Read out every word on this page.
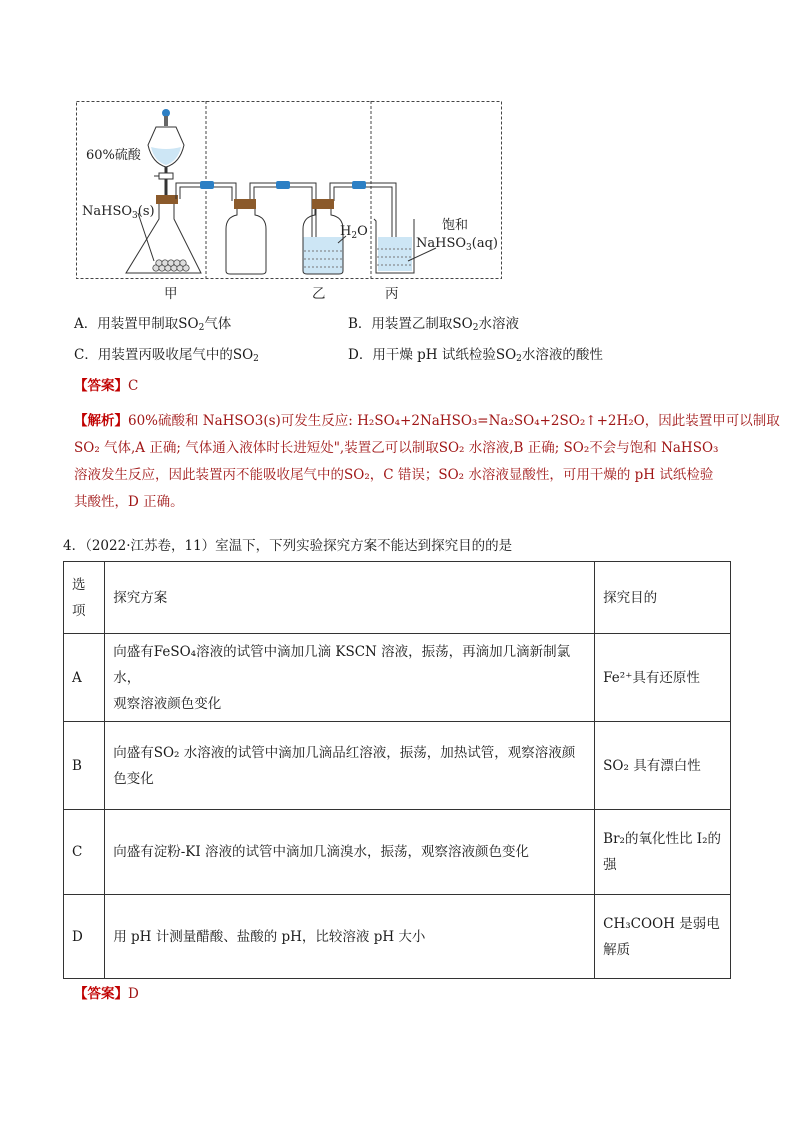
60%硫酸
NaHSO$_3$(s)
$H_2O$	饱和
NaHSO$_3$(aq)
甲	乙	丙
A．用装置甲制取$SO_2$气体	B．用装置乙制取$SO_2$水溶液
C．用装置丙吸收尾气中的$SO_2$	D．用干燥 pH 试纸检验$SO_2$水溶液的酸性
【答案】C

【解析】60%硫酸和 NaHSO3(s)可发生反应: H₂SO₄+2NaHSO₃=Na₂SO₄+2SO₂↑+2H₂O，因此装置甲可以制取

SO₂ 气体,A 正确; 气体通入液体时长进短处",装置乙可以制取SO₂ 水溶液,B 正确; SO₂不会与饱和 NaHSO₃

溶液发生反应，因此装置丙不能吸收尾气中的SO₂，C 错误；SO₂ 水溶液显酸性，可用干燥的 pH 试纸检验

其酸性，D 正确。

4．（2022·江苏卷，11）室温下，下列实验探究方案不能达到探究目的的是
选
项	探究方案	探究目的
A	向盛有FeSO₄溶液的试管中滴加几滴 KSCN 溶液，振荡，再滴加几滴新制氯水，
观察溶液颜色变化	Fe²⁺具有还原性

B	向盛有SO₂ 水溶液的试管中滴加几滴品红溶液，振荡，加热试管，观察溶液颜
色变化	SO₂ 具有漂白性

C	向盛有淀粉-KI 溶液的试管中滴加几滴溴水，振荡，观察溶液颜色变化	Br₂的氧化性比 I₂的
强

D	用 pH 计测量醋酸、盐酸的 pH，比较溶液 pH 大小	CH₃COOH 是弱电
解质
【答案】D
